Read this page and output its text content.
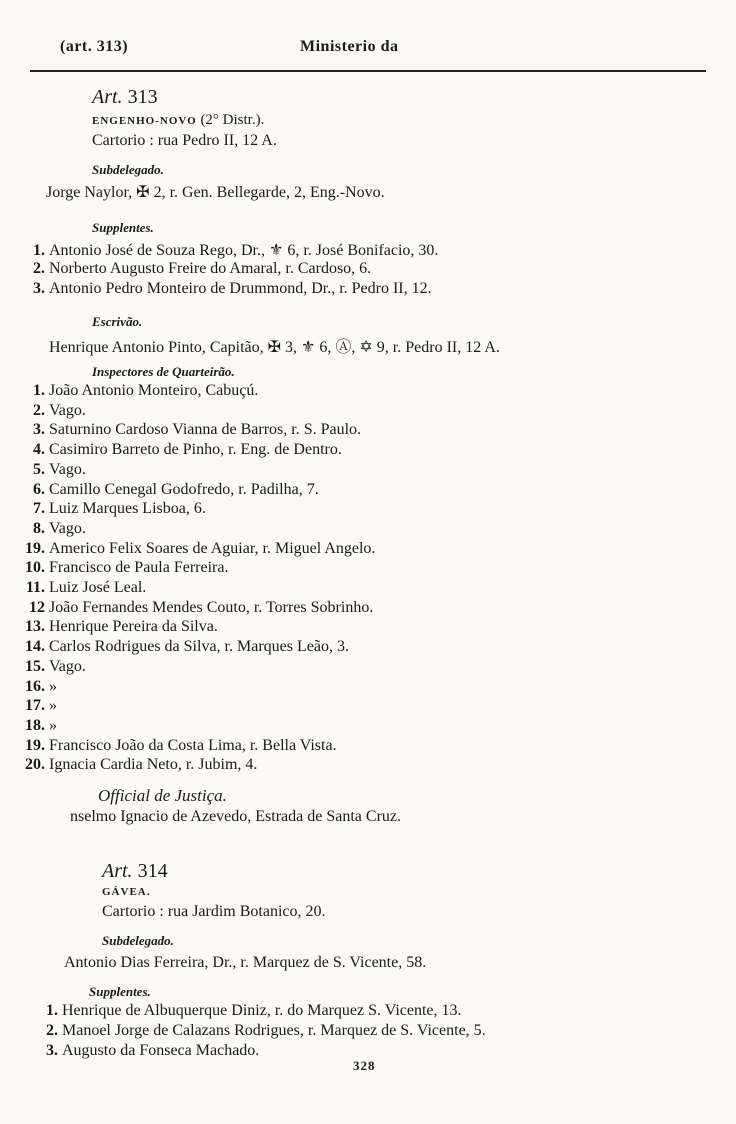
(art. 313)	Ministerio da
Art. 313
ENGENHO-NOVO (2° Distr.).
Cartorio : rua Pedro II, 12 A.
Subdelegado.
Jorge Naylor, ✠ 2, r. Gen. Bellegarde, 2, Eng.-Novo.
Supplentes.
1. Antonio José de Souza Rego, Dr., ⚜ 6, r. José Bonifacio, 30.
2. Norberto Augusto Freire do Amaral, r. Cardoso, 6.
3. Antonio Pedro Monteiro de Drummond, Dr., r. Pedro II, 12.
Escrivão.
Henrique Antonio Pinto, Capitão, ✠ 3, ⚜ 6, Ⓐ, ✡ 9, r. Pedro II, 12 A.
Inspectores de Quarteirão.
1. João Antonio Monteiro, Cabuçú.
2. Vago.
3. Saturnino Cardoso Vianna de Barros, r. S. Paulo.
4. Casimiro Barreto de Pinho, r. Eng. de Dentro.
5. Vago.
6. Camillo Cenegal Godofredo, r. Padilha, 7.
7. Luiz Marques Lisboa, 6.
8. Vago.
19. Americo Felix Soares de Aguiar, r. Miguel Angelo.
10. Francisco de Paula Ferreira.
11. Luiz José Leal.
12 João Fernandes Mendes Couto, r. Torres Sobrinho.
13. Henrique Pereira da Silva.
14. Carlos Rodrigues da Silva, r. Marques Leão, 3.
15. Vago.
16. »
17. »
18. »
19. Francisco João da Costa Lima, r. Bella Vista.
20. Ignacia Cardia Neto, r. Jubim, 4.
Official de Justiça.
nselmo Ignacio de Azevedo, Estrada de Santa Cruz.
Art. 314
GÁVEA.
Cartorio : rua Jardim Botanico, 20.
Subdelegado.
Antonio Dias Ferreira, Dr., r. Marquez de S. Vicente, 58.
Supplentes.
1. Henrique de Albuquerque Diniz, r. do Marquez S. Vicente, 13.
2. Manoel Jorge de Calazans Rodrigues, r. Marquez de S. Vicente, 5.
3. Augusto da Fonseca Machado.
328
